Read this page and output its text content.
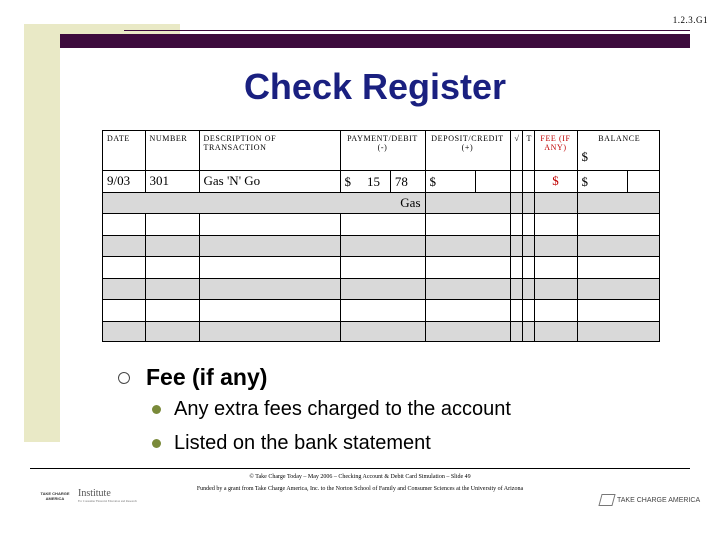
1.2.3.G1
Check Register
DATE	NUMBER	DESCRIPTION OF TRANSACTION	PAYMENT/DEBIT (-)	DEPOSIT/CREDIT (+)	√	T	FEE (IF ANY)	BALANCE
$

9/03	301	Gas 'N' Go	$ 15 78	$			$	$

Gas								

Fee (if any)
Any extra fees charged to the account
Listed on the bank statement
© Take Charge Today – May 2006 – Checking Account & Debit Card Simulation – Slide 49
Funded by a grant from Take Charge America, Inc. to the Norton School of Family and Consumer Sciences at the University of Arizona
TAKE CHARGE AMERICA	Institute
For Consumer Financial Education and Research	TAKE CHARGE AMERICA
